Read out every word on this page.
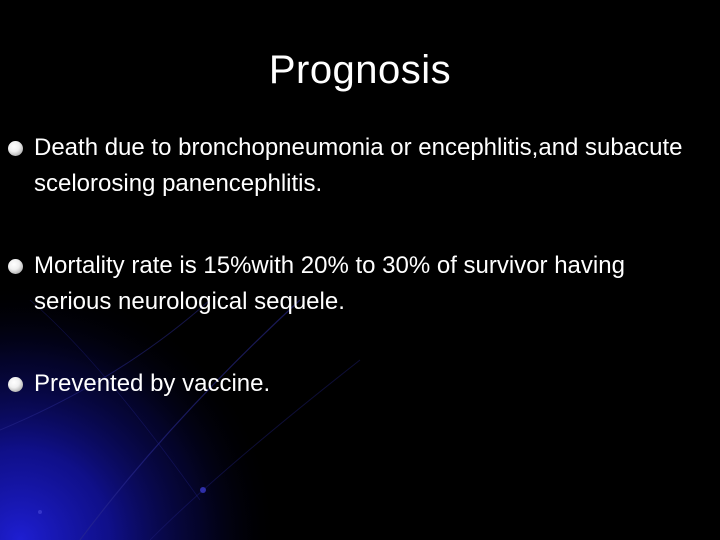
Prognosis
Death due to bronchopneumonia or encephlitis,and subacute scelorosing panencephlitis.
Mortality rate is 15%with 20% to 30% of survivor having serious neurological sequele.
Prevented by vaccine.
